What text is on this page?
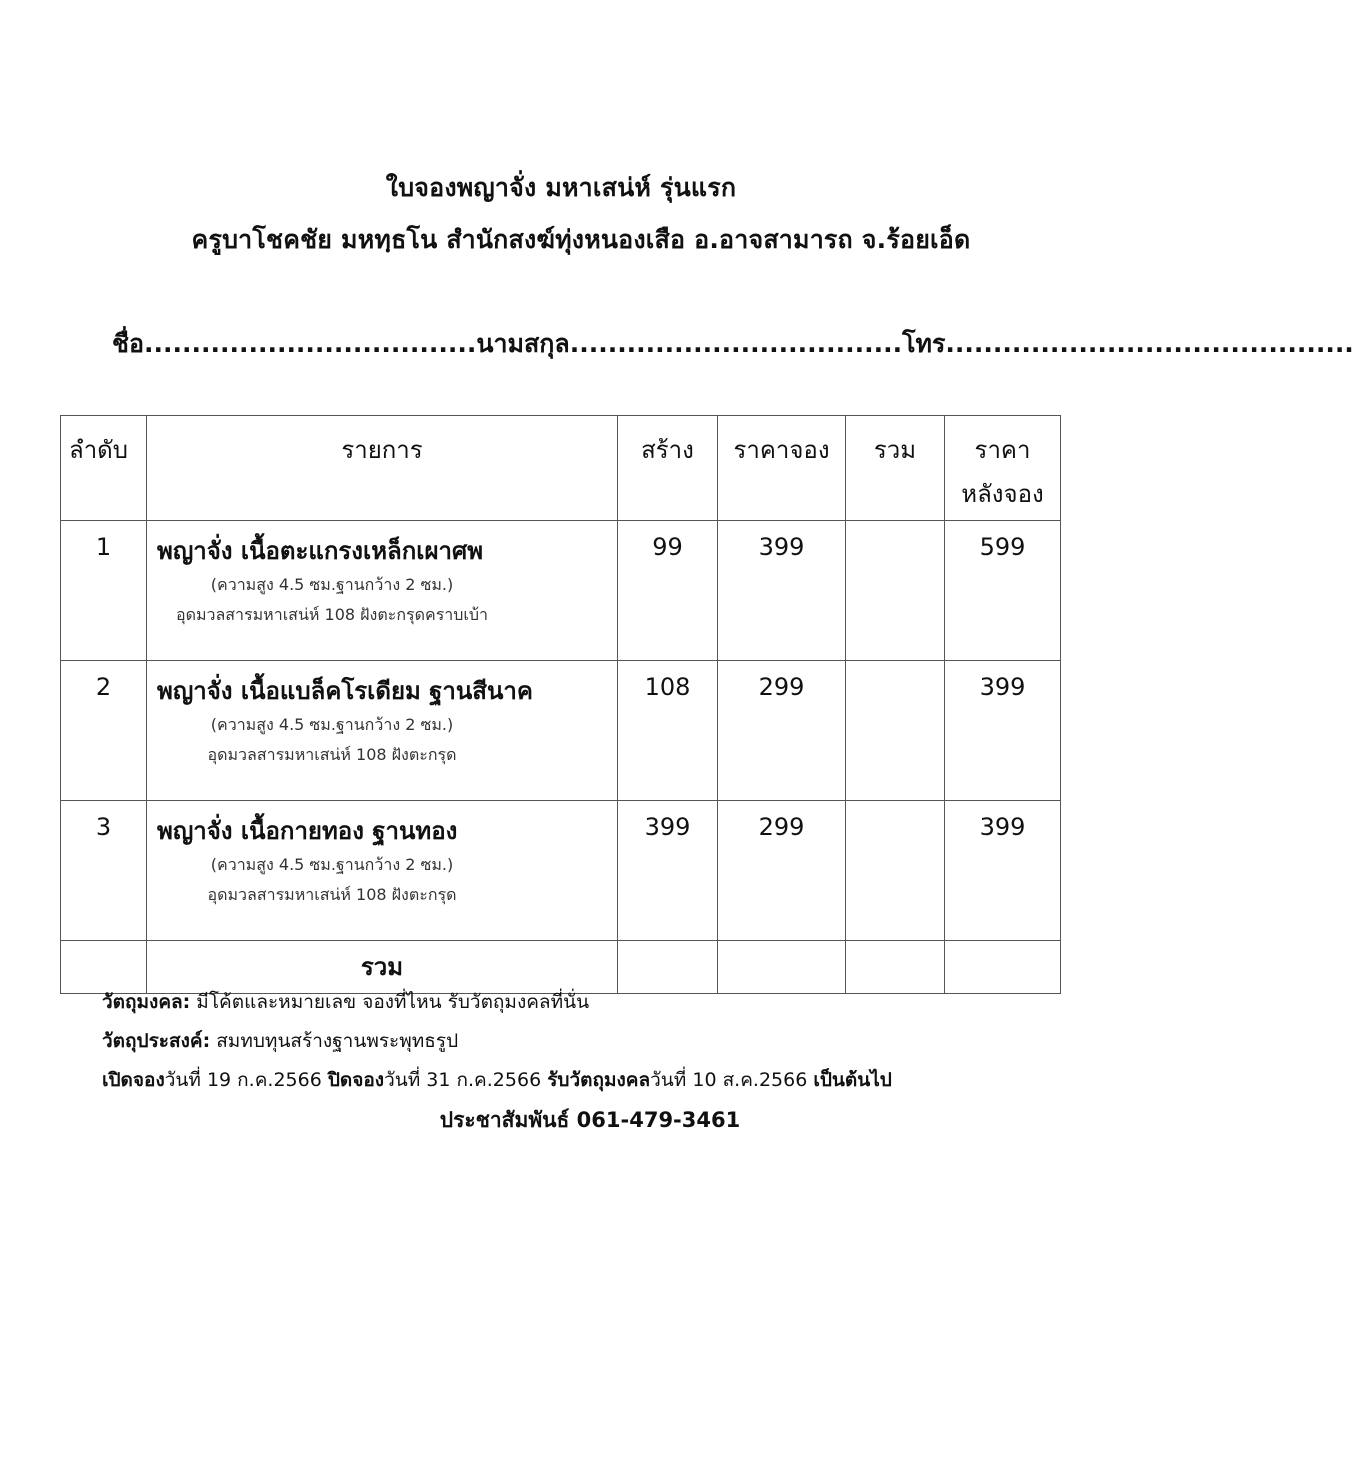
ใบจองพญาจั่ง มหาเสน่ห์ รุ่นแรก
ครูบาโชคชัย มหทฺธโน สำนักสงฆ์ทุ่งหนองเสือ อ.อาจสามารถ จ.ร้อยเอ็ด
ชื่อ...................................นามสกุล...................................โทร...........................................
ลำดับ	รายการ	สร้าง	ราคาจอง	รวม	ราคา
หลังจอง
1	พญาจั่ง เนื้อตะแกรงเหล็กเผาศพ
(ความสูง 4.5 ซม.ฐานกว้าง 2 ซม.)
อุดมวลสารมหาเสน่ห์ 108 ฝังตะกรุดคราบเบ้า	99	399		599
2	พญาจั่ง เนื้อแบล็คโรเดียม ฐานสีนาค
(ความสูง 4.5 ซม.ฐานกว้าง 2 ซม.)
อุดมวลสารมหาเสน่ห์ 108 ฝังตะกรุด	108	299		399
3	พญาจั่ง เนื้อกายทอง ฐานทอง
(ความสูง 4.5 ซม.ฐานกว้าง 2 ซม.)
อุดมวลสารมหาเสน่ห์ 108 ฝังตะกรุด	399	299		399
	รวม				
วัตถุมงคล: มีโค้ตและหมายเลข จองที่ไหน รับวัตถุมงคลที่นั่น
วัตถุประสงค์: สมทบทุนสร้างฐานพระพุทธรูป
เปิดจองวันที่ 19 ก.ค.2566 ปิดจองวันที่ 31 ก.ค.2566 รับวัตถุมงคลวันที่ 10 ส.ค.2566 เป็นต้นไป
ประชาสัมพันธ์ 061-479-3461
